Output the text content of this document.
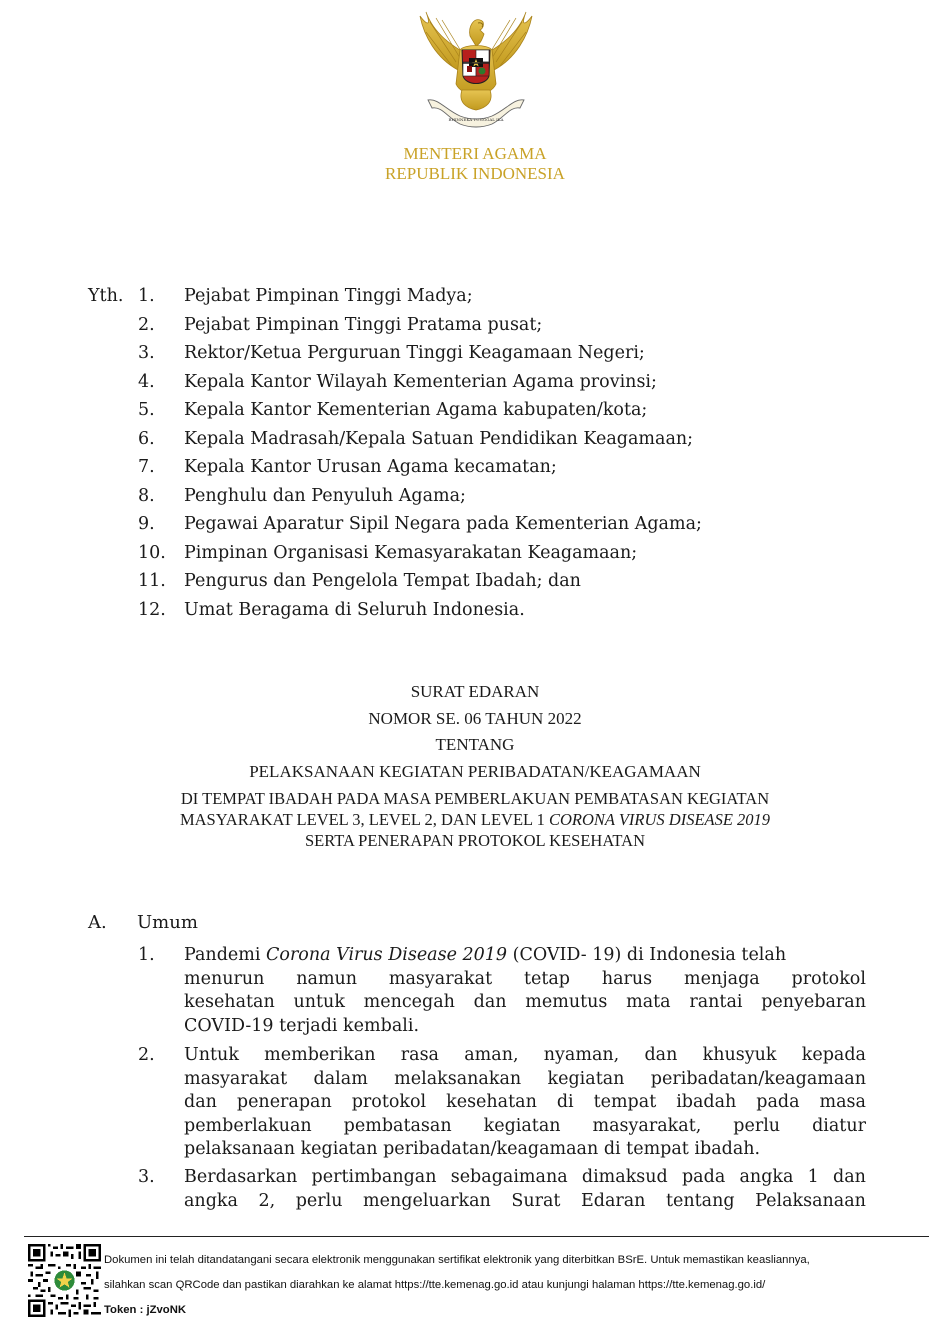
BHINNEKA TUNGGAL IKA
MENTERI AGAMA
REPUBLIK INDONESIA
Yth. 1. Pejabat Pimpinan Tinggi Madya;
2. Pejabat Pimpinan Tinggi Pratama pusat;
3. Rektor/Ketua Perguruan Tinggi Keagamaan Negeri;
4. Kepala Kantor Wilayah Kementerian Agama provinsi;
5. Kepala Kantor Kementerian Agama kabupaten/kota;
6. Kepala Madrasah/Kepala Satuan Pendidikan Keagamaan;
7. Kepala Kantor Urusan Agama kecamatan;
8. Penghulu dan Penyuluh Agama;
9. Pegawai Aparatur Sipil Negara pada Kementerian Agama;
10. Pimpinan Organisasi Kemasyarakatan Keagamaan;
11. Pengurus dan Pengelola Tempat Ibadah; dan
12. Umat Beragama di Seluruh Indonesia.
SURAT EDARAN
NOMOR SE. 06 TAHUN 2022
TENTANG
PELAKSANAAN KEGIATAN PERIBADATAN/KEAGAMAAN
DI TEMPAT IBADAH PADA MASA PEMBERLAKUAN PEMBATASAN KEGIATAN
MASYARAKAT LEVEL 3, LEVEL 2, DAN LEVEL 1 CORONA VIRUS DISEASE 2019
SERTA PENERAPAN PROTOKOL KESEHATAN
A. Umum
1. Pandemi Corona Virus Disease 2019 (COVID- 19) di Indonesia telah
menurun namun masyarakat tetap harus menjaga protokol
kesehatan untuk mencegah dan memutus mata rantai penyebaran
COVID-19 terjadi kembali.
2. Untuk memberikan rasa aman, nyaman, dan khusyuk kepada
masyarakat dalam melaksanakan kegiatan peribadatan/keagamaan
dan penerapan protokol kesehatan di tempat ibadah pada masa
pemberlakuan pembatasan kegiatan masyarakat, perlu diatur
pelaksanaan kegiatan peribadatan/keagamaan di tempat ibadah.
3. Berdasarkan pertimbangan sebagaimana dimaksud pada angka 1 dan
angka 2, perlu mengeluarkan Surat Edaran tentang Pelaksanaan
Dokumen ini telah ditandatangani secara elektronik menggunakan sertifikat elektronik yang diterbitkan BSrE. Untuk memastikan keasliannya,
silahkan scan QRCode dan pastikan diarahkan ke alamat https://tte.kemenag.go.id atau kunjungi halaman https://tte.kemenag.go.id/
Token : jZvoNK
